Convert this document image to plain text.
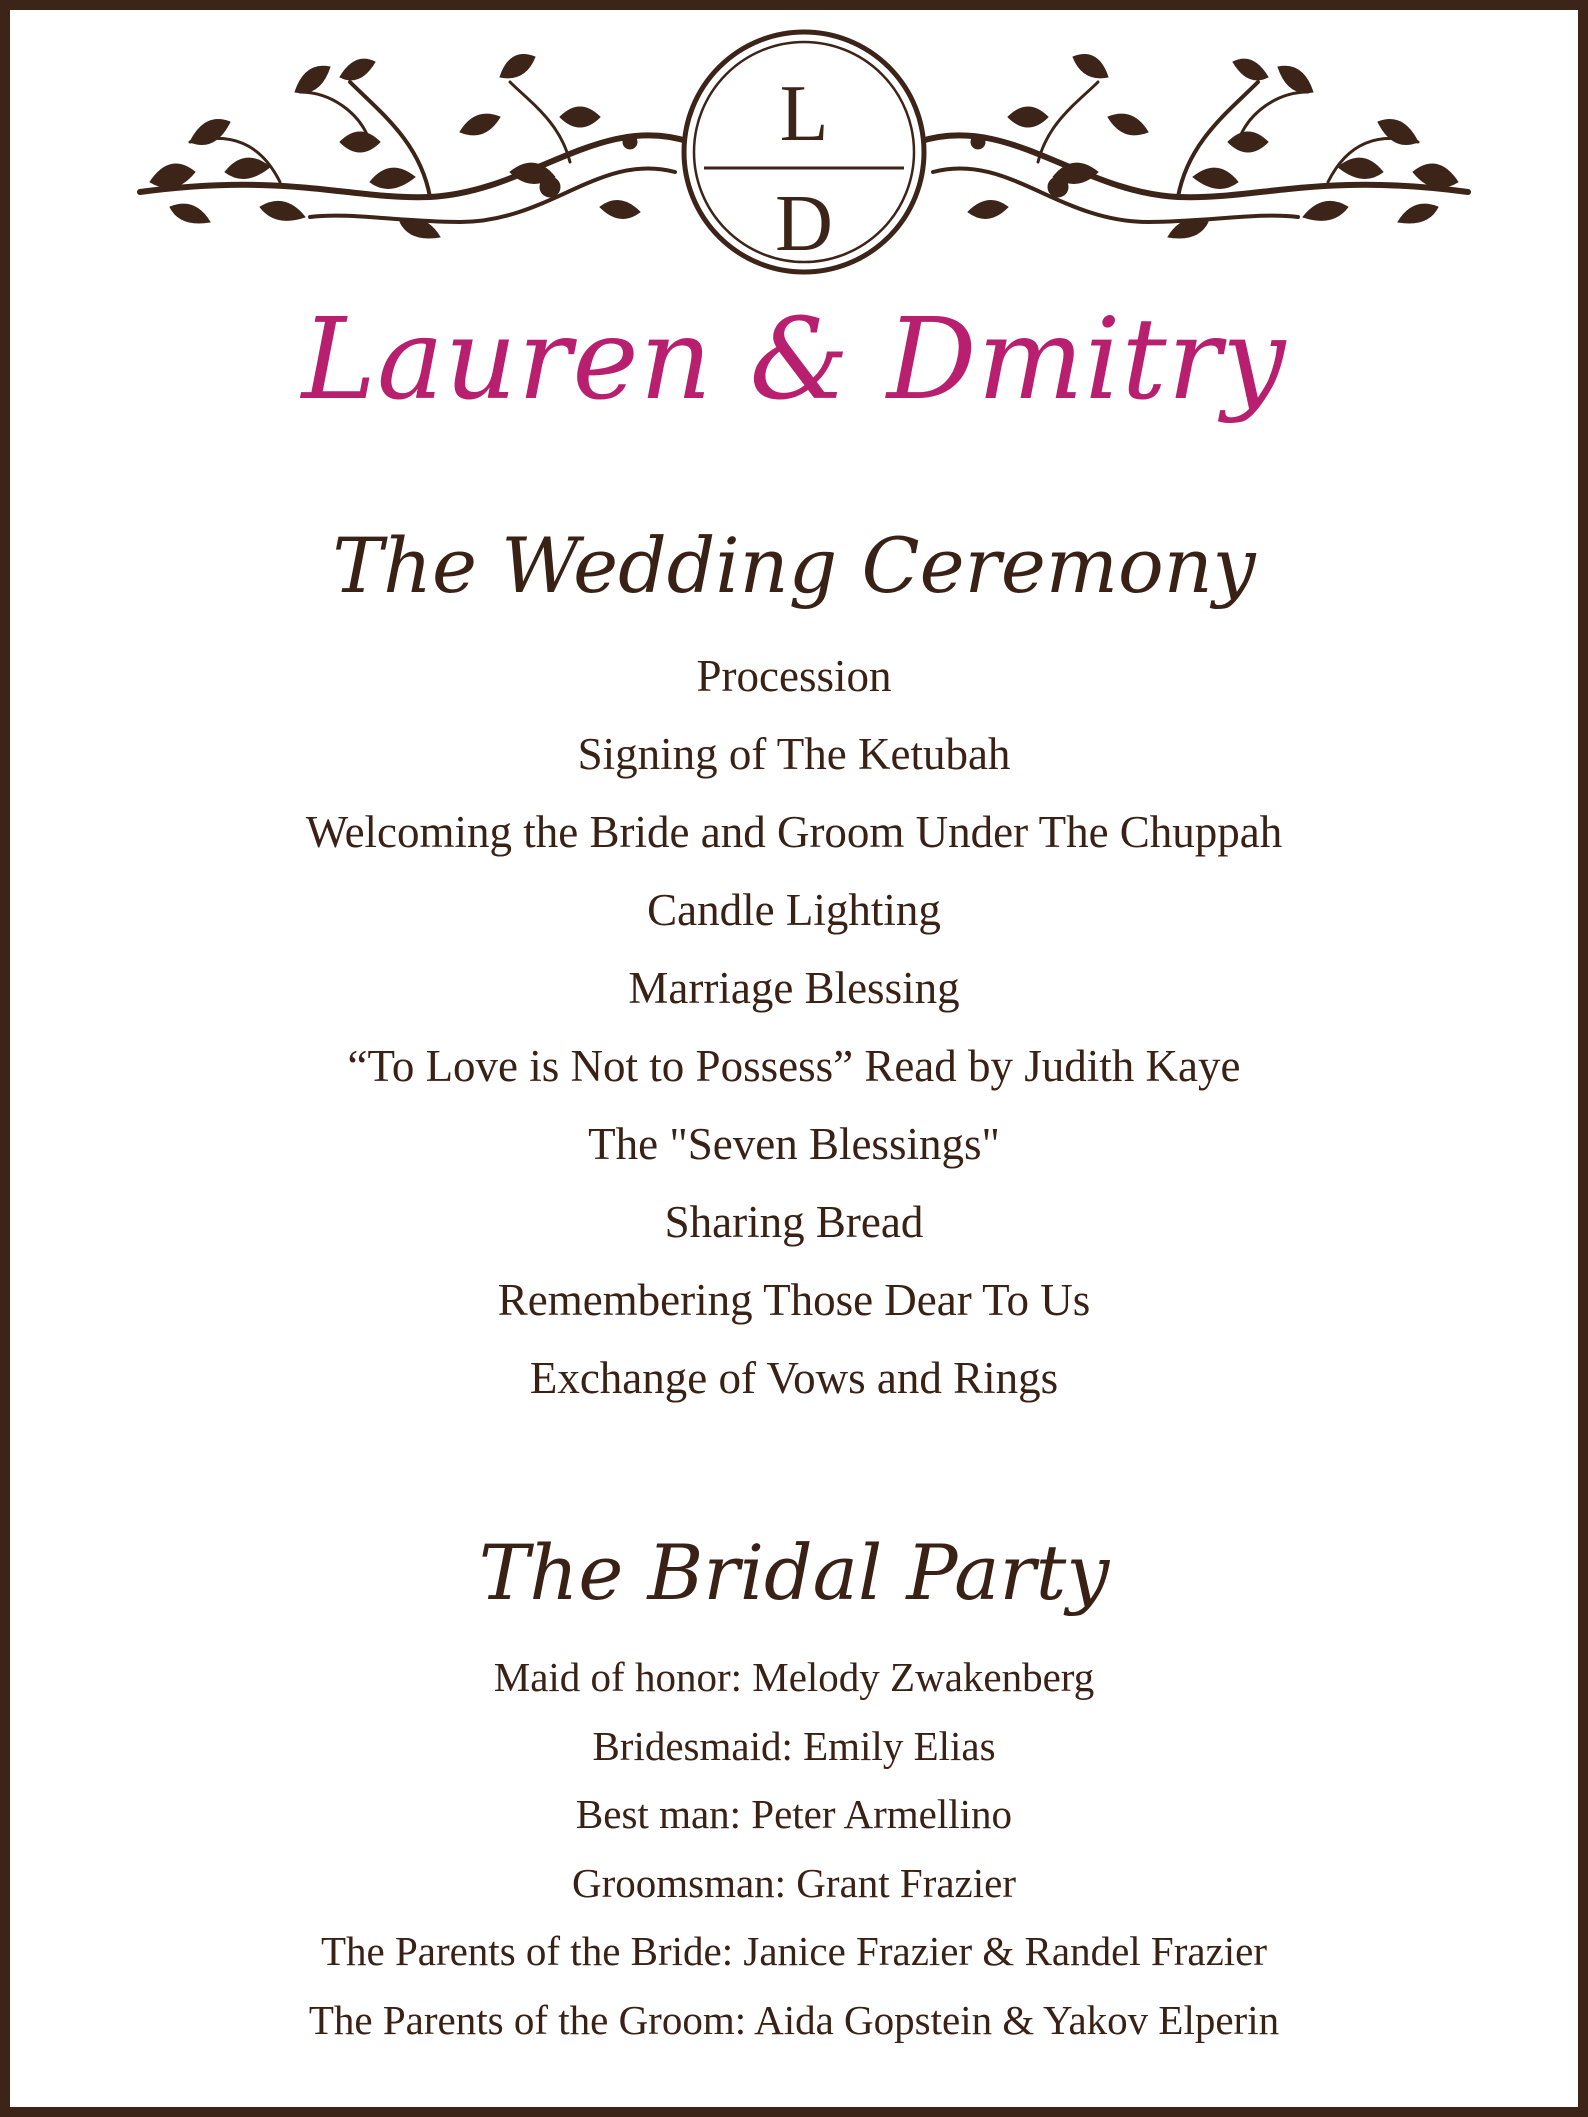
L
D
Lauren & Dmitry
The Wedding Ceremony
Procession
Signing of The Ketubah
Welcoming the Bride and Groom Under The Chuppah
Candle Lighting
Marriage Blessing
“To Love is Not to Possess” Read by Judith Kaye
The "Seven Blessings"
Sharing Bread
Remembering Those Dear To Us
Exchange of Vows and Rings
The Bridal Party
Maid of honor: Melody Zwakenberg
Bridesmaid: Emily Elias
Best man: Peter Armellino
Groomsman: Grant Frazier
The Parents of the Bride: Janice Frazier & Randel Frazier
The Parents of the Groom: Aida Gopstein & Yakov Elperin
